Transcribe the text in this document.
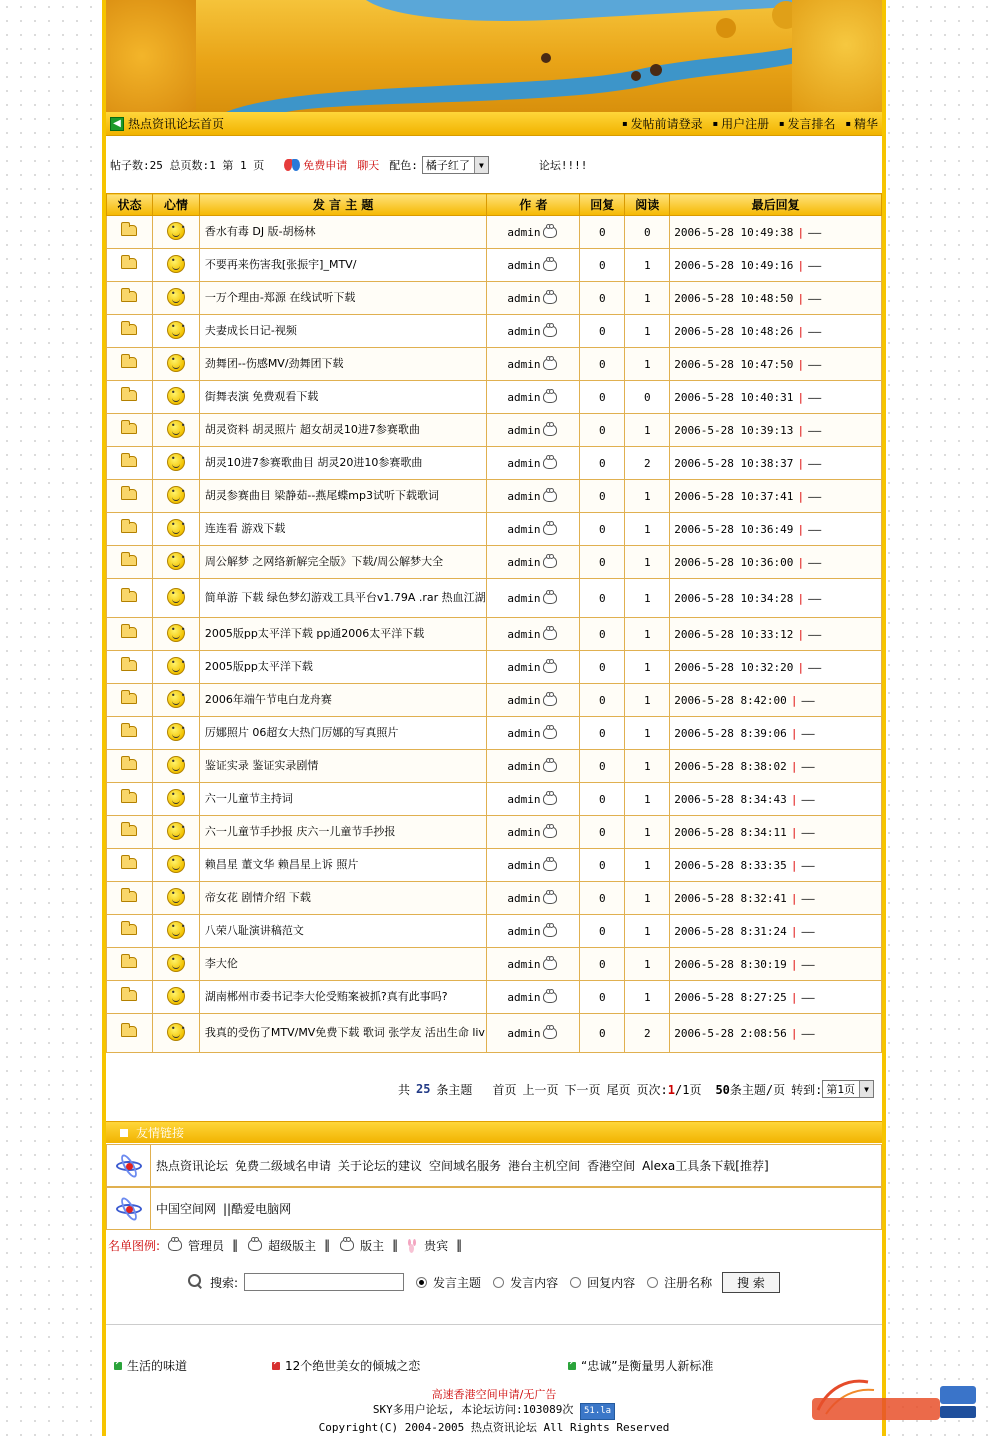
◀ 热点资讯论坛首页	▪ 发帖前请登录	▪ 用户注册	▪ 发言排名	▪ 精华
帖子数:25 总页数:1 第 1 页	免费申请 聊天 配色: 橘子红了	▼	论坛!!!!
状态	心情	发 言 主 题	作 者	回复	阅读	最后回复
	• •	香水有毒 DJ 版-胡杨林	admin	0	0	2006-5-28 10:49:38 | ——
	• •	不要再来伤害我[张振宇]_MTV/	admin	0	1	2006-5-28 10:49:16 | ——
	• •	一万个理由-郑源 在线试听下载	admin	0	1	2006-5-28 10:48:50 | ——
	• •	夫妻成长日记-视频	admin	0	1	2006-5-28 10:48:26 | ——
	• •	劲舞团--伤感MV/劲舞团下载	admin	0	1	2006-5-28 10:47:50 | ——
	• •	街舞表演 免费观看下载	admin	0	0	2006-5-28 10:40:31 | ——
	• •	胡灵资料 胡灵照片 超女胡灵10进7参赛歌曲	admin	0	1	2006-5-28 10:39:13 | ——
	• •	胡灵10进7参赛歌曲目 胡灵20进10参赛歌曲	admin	0	2	2006-5-28 10:38:37 | ——
	• •	胡灵参赛曲目 梁静茹--燕尾蝶mp3试听下载歌词	admin	0	1	2006-5-28 10:37:41 | ——
	• •	连连看 游戏下载	admin	0	1	2006-5-28 10:36:49 | ——
	• •	周公解梦 之网络新解完全版》下载/周公解梦大全	admin	0	1	2006-5-28 10:36:00 | ——
	• •	简单游 下载 绿色梦幻游戏工具平台v1.79A .rar 热血江湖	admin	0	1	2006-5-28 10:34:28 | ——
	• •	2005版pp太平洋下载 pp通2006太平洋下载	admin	0	1	2006-5-28 10:33:12 | ——
	• •	2005版pp太平洋下载	admin	0	1	2006-5-28 10:32:20 | ——
	• •	2006年端午节电白龙舟赛	admin	0	1	2006-5-28 8:42:00 | ——
	• •	厉娜照片 06超女大热门厉娜的写真照片	admin	0	1	2006-5-28 8:39:06 | ——
	• •	鉴证实录 鉴证实录剧情	admin	0	1	2006-5-28 8:38:02 | ——
	• •	六一儿童节主持词	admin	0	1	2006-5-28 8:34:43 | ——
	• •	六一儿童节手抄报 庆六一儿童节手抄报	admin	0	1	2006-5-28 8:34:11 | ——
	• •	赖昌星 董文华 赖昌星上诉 照片	admin	0	1	2006-5-28 8:33:35 | ——
	• •	帝女花 剧情介绍 下载	admin	0	1	2006-5-28 8:32:41 | ——
	• •	八荣八耻演讲稿范文	admin	0	1	2006-5-28 8:31:24 | ——
	• •	李大伦	admin	0	1	2006-5-28 8:30:19 | ——
	• •	湖南郴州市委书记李大伦受贿案被抓?真有此事吗?	admin	0	1	2006-5-28 8:27:25 | ——
	• •	我真的受伤了MTV/MV免费下载 歌词 张学友 活出生命 liv	admin	0	2	2006-5-28 2:08:56 | ——
共 25 条主题 首页 上一页 下一页 尾页 页次:1/1页 50条主题/页 转到: 第1页	▼
友情链接
热点资讯论坛 免费二级域名申请 关于论坛的建议 空间域名服务 港台主机空间 香港空间 Alexa工具条下载[推荐]
中国空间网 ||酷爱电脑网
名单图例: 管理员 ‖	超级版主 ‖	版主 ‖ 贵宾 ‖
搜索:	发言主题 发言内容 回复内容 注册名称	搜 索
›
生活的味道 ›	12个绝世美女的倾城之恋 ›	“忠诚”是衡量男人新标准
高速香港空间申请/无广告
SKY多用户论坛, 本论坛访问:103089次 51.la
Copyright(C) 2004-2005 热点资讯论坛 All Rights Reserved
